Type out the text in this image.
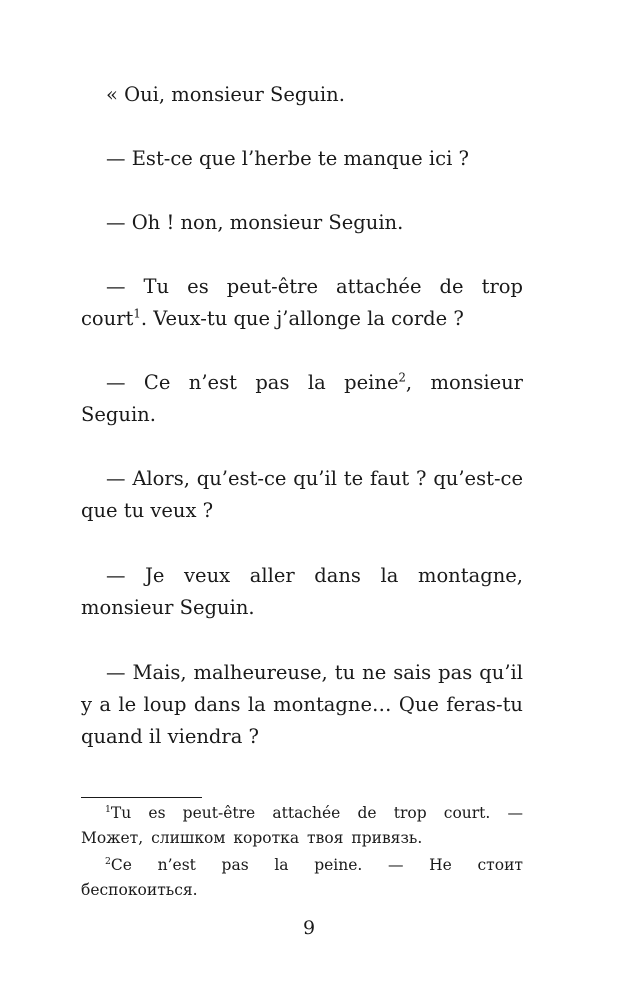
« Oui, monsieur Seguin.

— Est-ce que l’herbe te manque ici ?

— Oh ! non, monsieur Seguin.

— Tu es peut-être attachée de trop court$^1$. Veux-tu que j’allonge la corde ?

— Ce n’est pas la peine$^2$, monsieur Seguin.

— Alors, qu’est-ce qu’il te faut ? qu’est-ce que tu veux ?

— Je veux aller dans la montagne, monsieur Seguin.

— Mais, malheureuse, tu ne sais pas qu’il y a le loup dans la montagne… Que feras-tu quand il viendra ?

$^1$Tu es peut-être attachée de trop court. — Может, слишком коротка твоя привязь.

$^2$Ce n’est pas la peine. — Не стоит беспокоиться.

9
